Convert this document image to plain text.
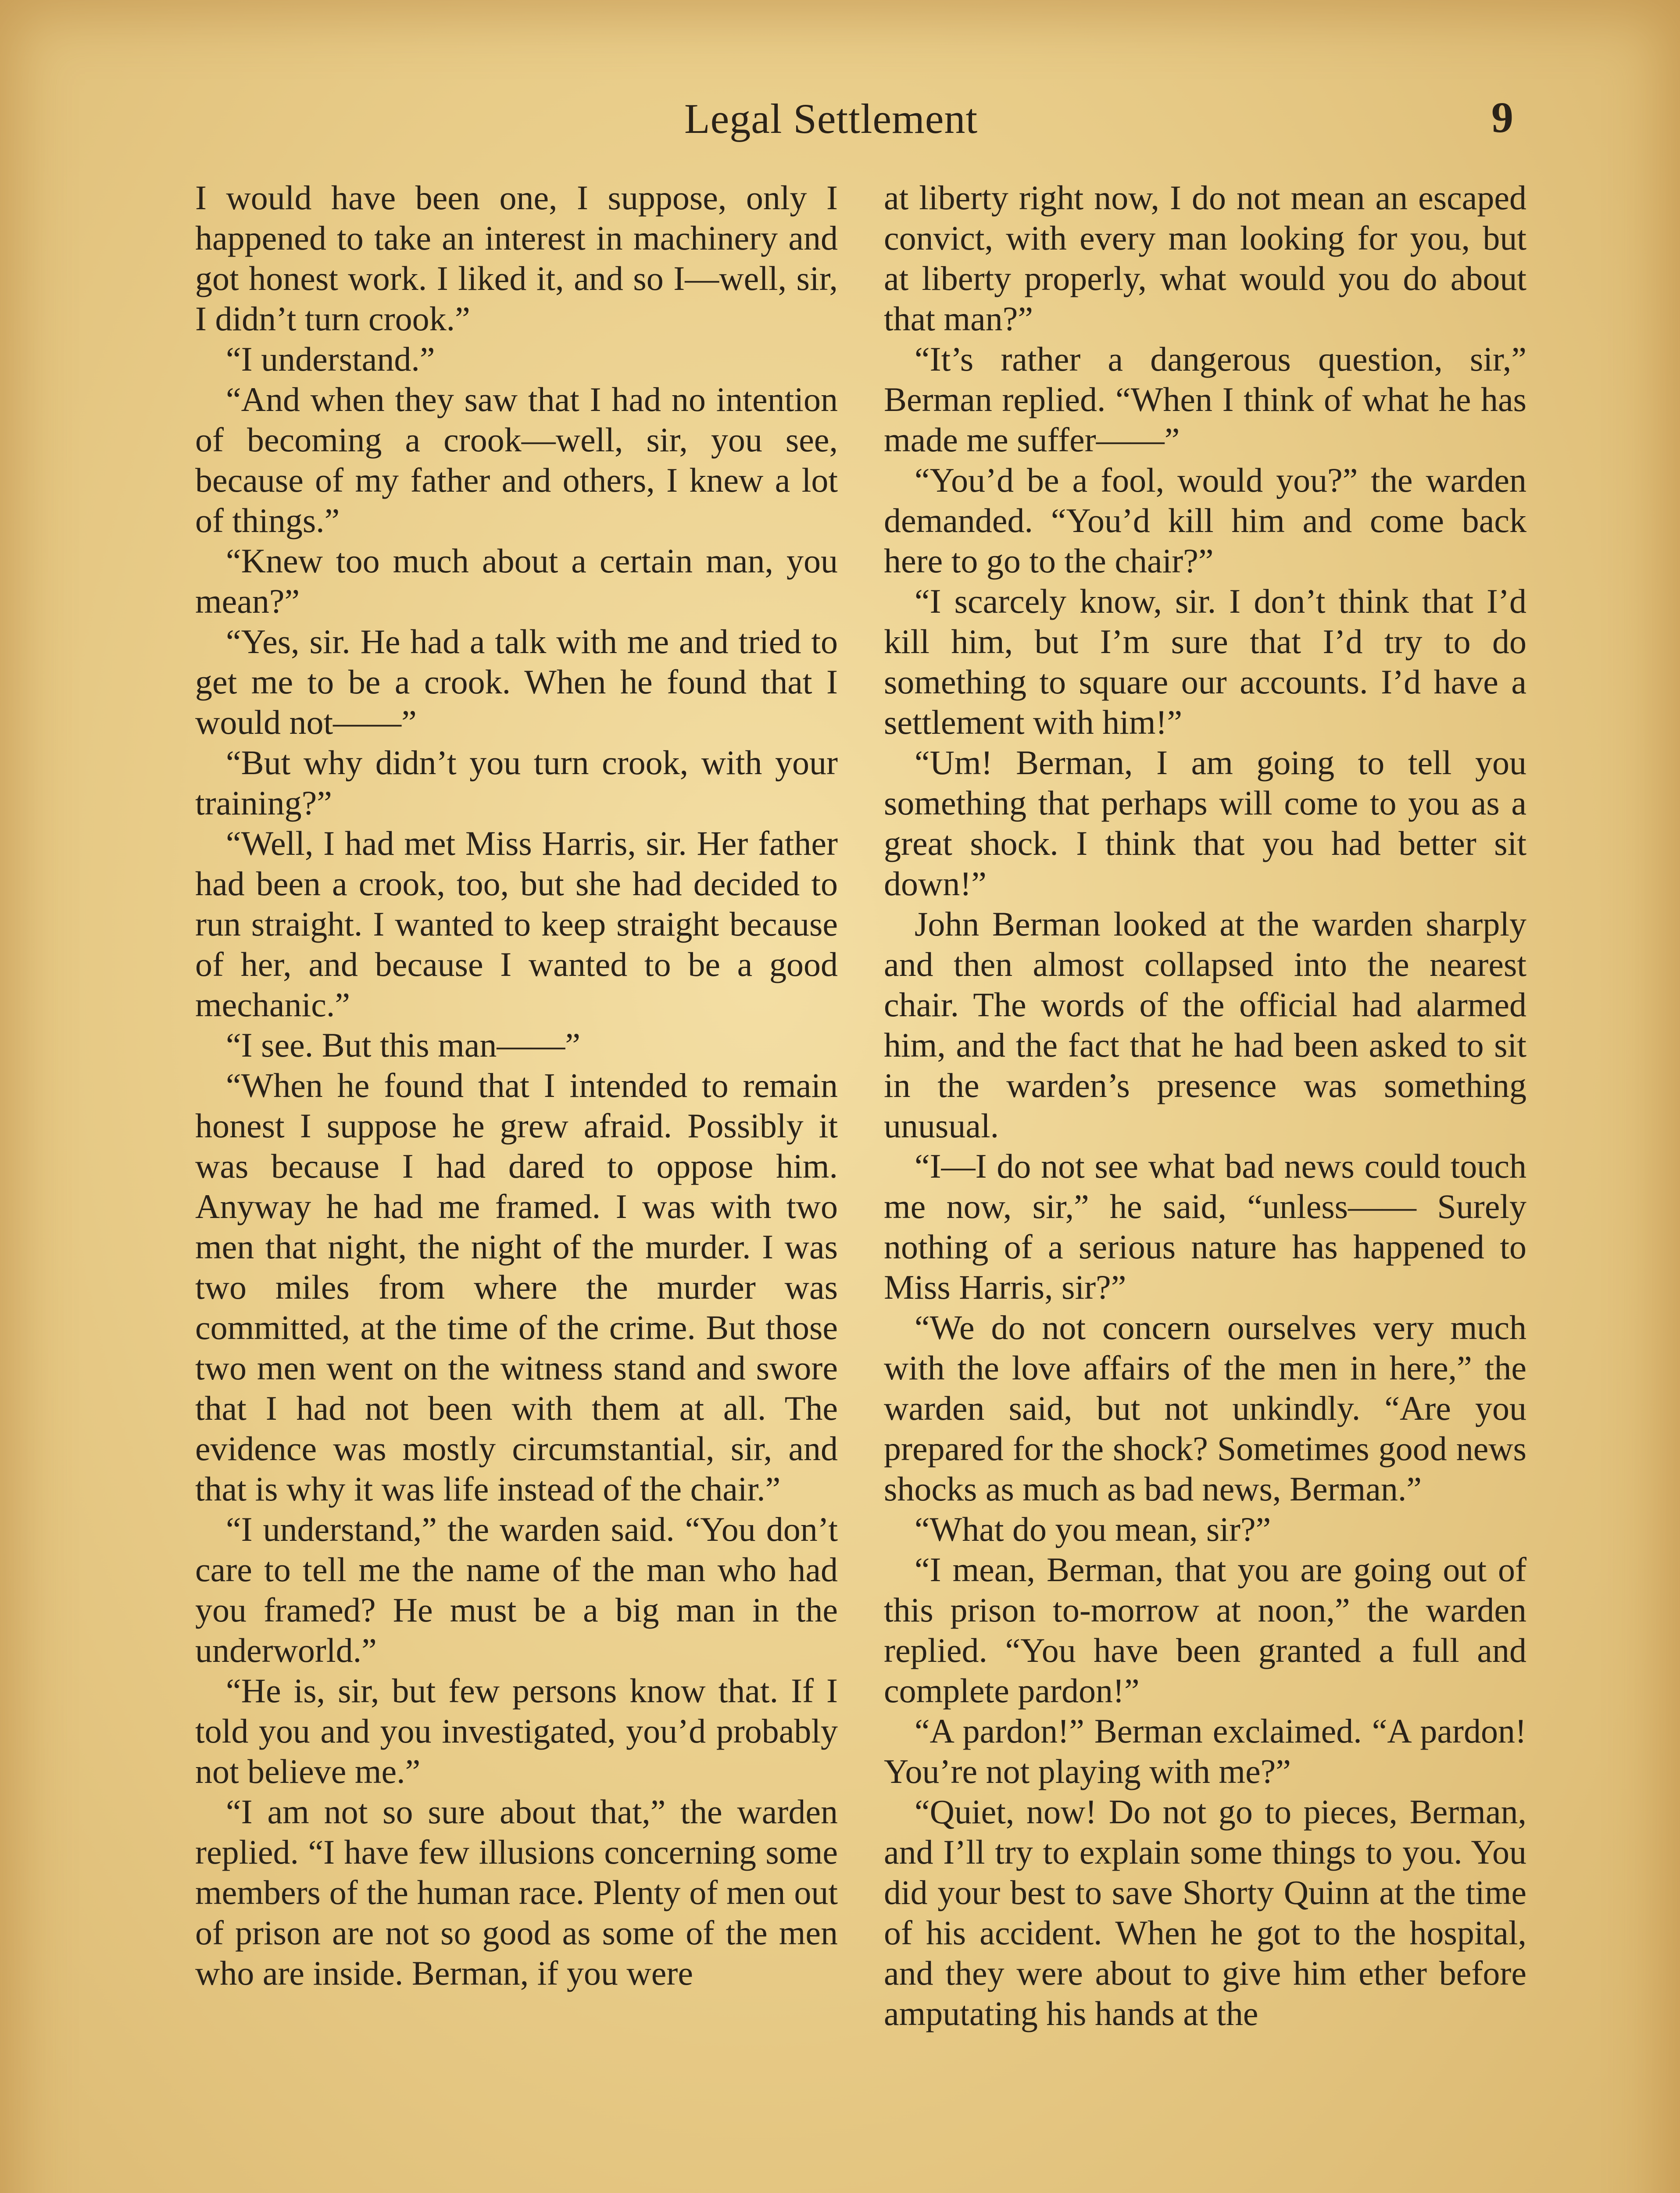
Legal Settlement	9

I would have been one, I suppose, only I happened to take an interest in machinery and got honest work. I liked it, and so I—well, sir, I didn’t turn crook.”

“I understand.”

“And when they saw that I had no intention of becoming a crook—well, sir, you see, because of my father and others, I knew a lot of things.”

“Knew too much about a certain man, you mean?”

“Yes, sir. He had a talk with me and tried to get me to be a crook. When he found that I would not——”

“But why didn’t you turn crook, with your training?”

“Well, I had met Miss Harris, sir. Her father had been a crook, too, but she had decided to run straight. I wanted to keep straight because of her, and because I wanted to be a good mechanic.”

“I see. But this man——”

“When he found that I intended to remain honest I suppose he grew afraid. Possibly it was because I had dared to oppose him. Anyway he had me framed. I was with two men that night, the night of the murder. I was two miles from where the murder was committed, at the time of the crime. But those two men went on the witness stand and swore that I had not been with them at all. The evidence was mostly circumstantial, sir, and that is why it was life instead of the chair.”

“I understand,” the warden said. “You don’t care to tell me the name of the man who had you framed? He must be a big man in the underworld.”

“He is, sir, but few persons know that. If I told you and you investigated, you’d probably not believe me.”

“I am not so sure about that,” the warden replied. “I have few illusions concerning some members of the human race. Plenty of men out of prison are not so good as some of the men who are inside. Berman, if you were

at liberty right now, I do not mean an escaped convict, with every man looking for you, but at liberty properly, what would you do about that man?”

“It’s rather a dangerous question, sir,” Berman replied. “When I think of what he has made me suffer——”

“You’d be a fool, would you?” the warden demanded. “You’d kill him and come back here to go to the chair?”

“I scarcely know, sir. I don’t think that I’d kill him, but I’m sure that I’d try to do something to square our accounts. I’d have a settlement with him!”

“Um! Berman, I am going to tell you something that perhaps will come to you as a great shock. I think that you had better sit down!”

John Berman looked at the warden sharply and then almost collapsed into the nearest chair. The words of the official had alarmed him, and the fact that he had been asked to sit in the warden’s presence was something unusual.

“I—I do not see what bad news could touch me now, sir,” he said, “unless—— Surely nothing of a serious nature has happened to Miss Harris, sir?”

“We do not concern ourselves very much with the love affairs of the men in here,” the warden said, but not unkindly. “Are you prepared for the shock? Sometimes good news shocks as much as bad news, Berman.”

“What do you mean, sir?”

“I mean, Berman, that you are going out of this prison to-morrow at noon,” the warden replied. “You have been granted a full and complete pardon!”

“A pardon!” Berman exclaimed. “A pardon! You’re not playing with me?”

“Quiet, now! Do not go to pieces, Berman, and I’ll try to explain some things to you. You did your best to save Shorty Quinn at the time of his accident. When he got to the hospital, and they were about to give him ether before amputating his hands at the
